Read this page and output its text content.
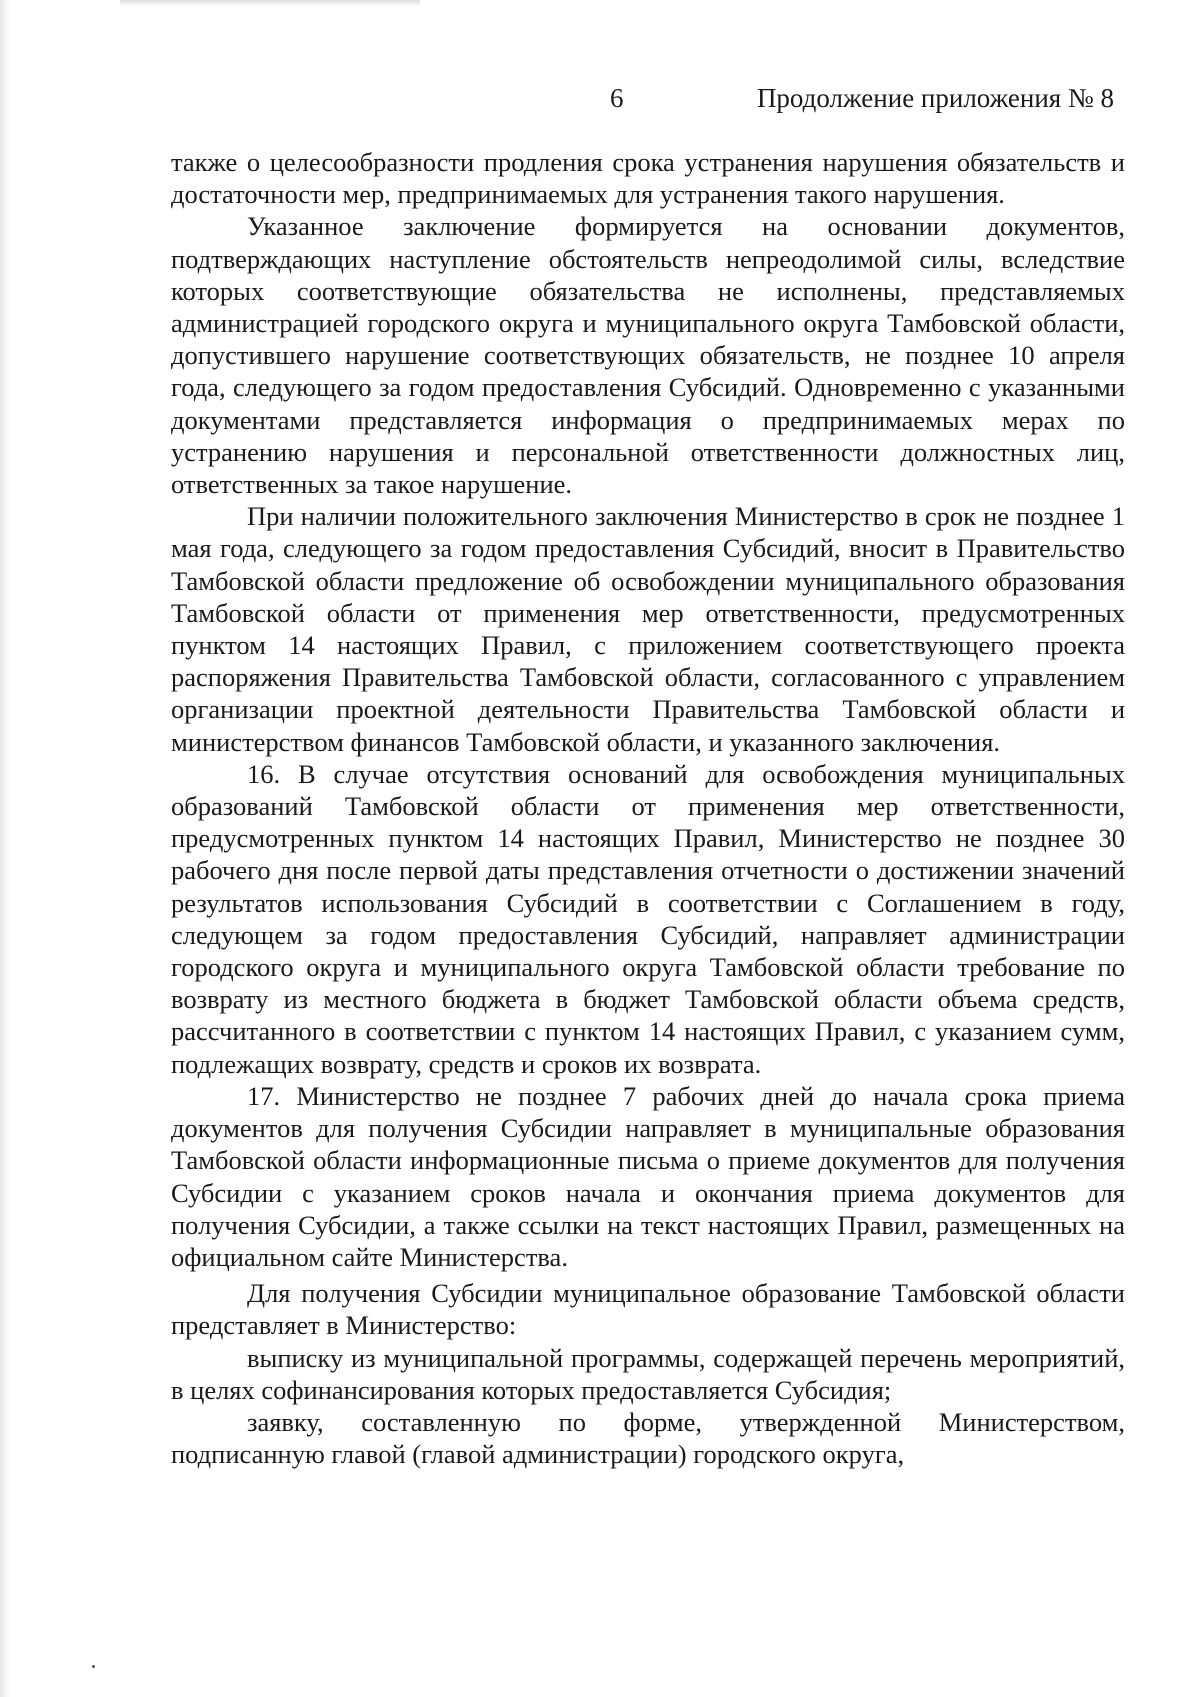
6	Продолжение приложения № 8

также о целесообразности продления срока устранения нарушения обязательств и достаточности мер, предпринимаемых для устранения такого нарушения.

Указанное заключение формируется на основании документов, подтверждающих наступление обстоятельств непреодолимой силы, вследствие которых соответствующие обязательства не исполнены, представляемых администрацией городского округа и муниципального округа Тамбовской области, допустившего нарушение соответствующих обязательств, не позднее 10 апреля года, следующего за годом предоставления Субсидий. Одновременно с указанными документами представляется информация о предпринимаемых мерах по устранению нарушения и персональной ответственности должностных лиц, ответственных за такое нарушение.

При наличии положительного заключения Министерство в срок не позднее 1 мая года, следующего за годом предоставления Субсидий, вносит в Правительство Тамбовской области предложение об освобождении муниципального образования Тамбовской области от применения мер ответственности, предусмотренных пунктом 14 настоящих Правил, с приложением соответствующего проекта распоряжения Правительства Тамбовской области, согласованного с управлением организации проектной деятельности Правительства Тамбовской области и министерством финансов Тамбовской области, и указанного заключения.

16. В случае отсутствия оснований для освобождения муниципальных образований Тамбовской области от применения мер ответственности, предусмотренных пунктом 14 настоящих Правил, Министерство не позднее 30 рабочего дня после первой даты представления отчетности о достижении значений результатов использования Субсидий в соответствии с Соглашением в году, следующем за годом предоставления Субсидий, направляет администрации городского округа и муниципального округа Тамбовской области требование по возврату из местного бюджета в бюджет Тамбовской области объема средств, рассчитанного в соответствии с пунктом 14 настоящих Правил, с указанием сумм, подлежащих возврату, средств и сроков их возврата.

17. Министерство не позднее 7 рабочих дней до начала срока приема документов для получения Субсидии направляет в муниципальные образования Тамбовской области информационные письма о приеме документов для получения Субсидии с указанием сроков начала и окончания приема документов для получения Субсидии, а также ссылки на текст настоящих Правил, размещенных на официальном сайте Министерства.

Для получения Субсидии муниципальное образование Тамбовской области представляет в Министерство:

выписку из муниципальной программы, содержащей перечень мероприятий, в целях софинансирования которых предоставляется Субсидия;

заявку, составленную по форме, утвержденной Министерством, подписанную главой (главой администрации) городского округа,
